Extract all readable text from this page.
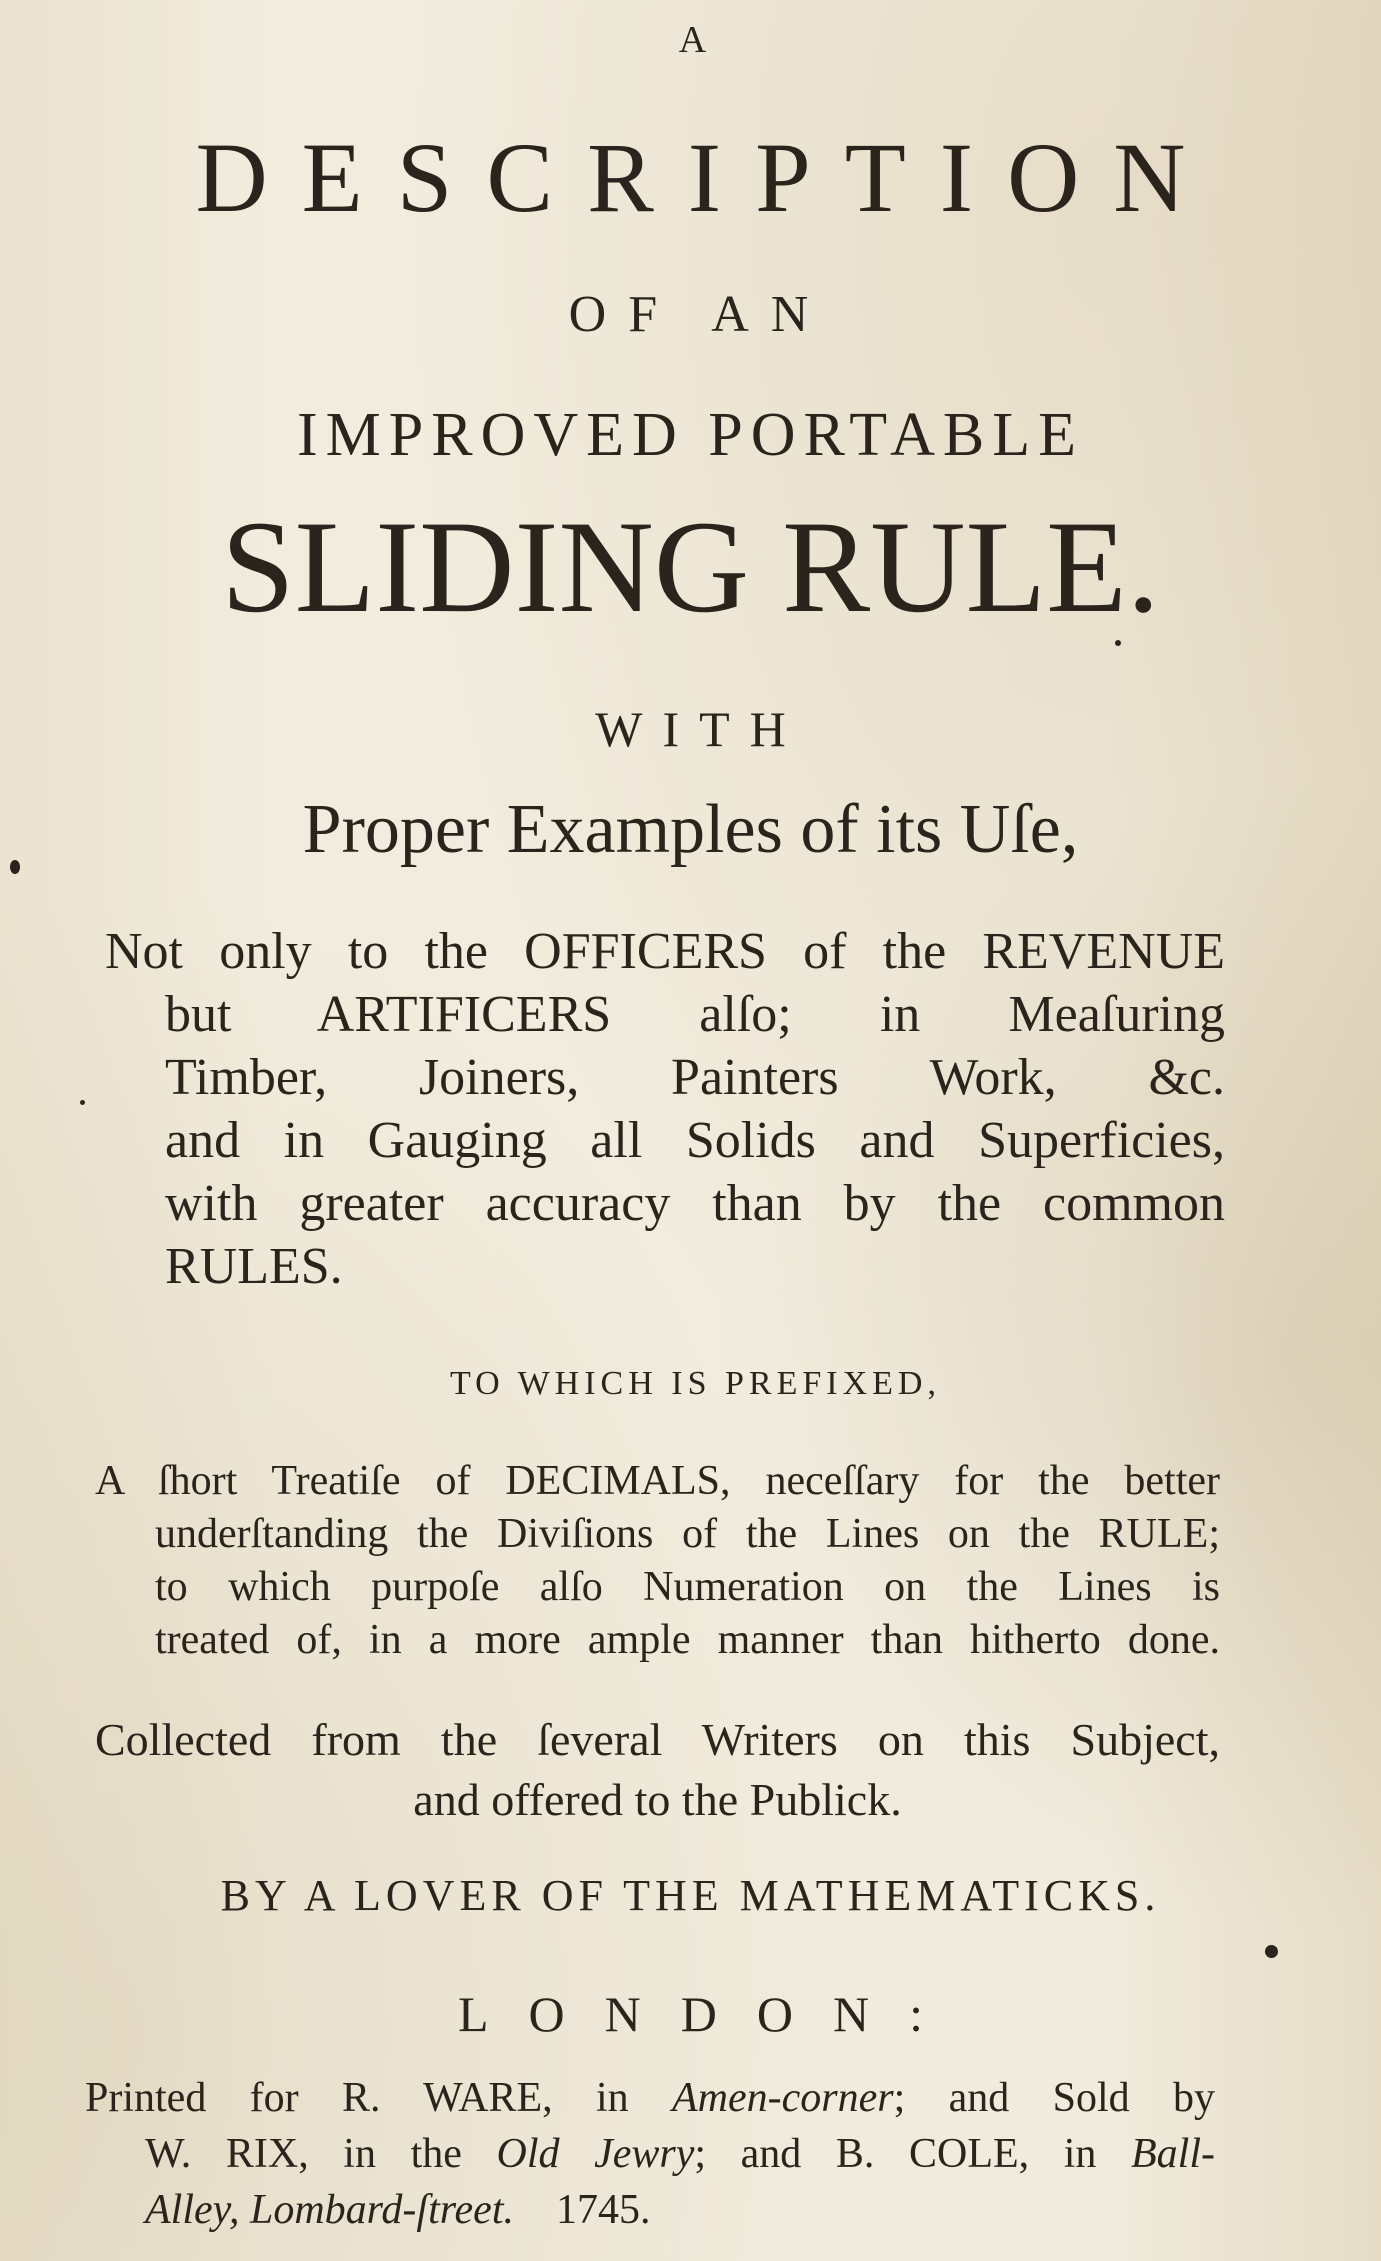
A
DESCRIPTION
OF AN
IMPROVED PORTABLE
SLIDING RULE.
WITH
Proper Examples of its Uſe,
Not only to the OFFICERS of the REVENUE
but ARTIFICERS alſo; in Meaſuring
Timber, Joiners, Painters Work, &c.
and in Gauging all Solids and Superficies,
with greater accuracy than by the common
RULES.
TO WHICH IS PREFIXED,
A ſhort Treatiſe of DECIMALS, neceſſary for the better
underſtanding the Diviſions of the Lines on the RULE;
to which purpoſe alſo Numeration on the Lines is
treated of, in a more ample manner than hitherto done.
Collected from the ſeveral Writers on this Subject,
and offered to the Publick.
BY A LOVER OF THE MATHEMATICKS.
LONDON:
Printed for R. WARE, in Amen-corner; and Sold by
W. RIX, in the Old Jewry; and B. COLE, in Ball-
Alley, Lombard-ſtreet. 1745.
